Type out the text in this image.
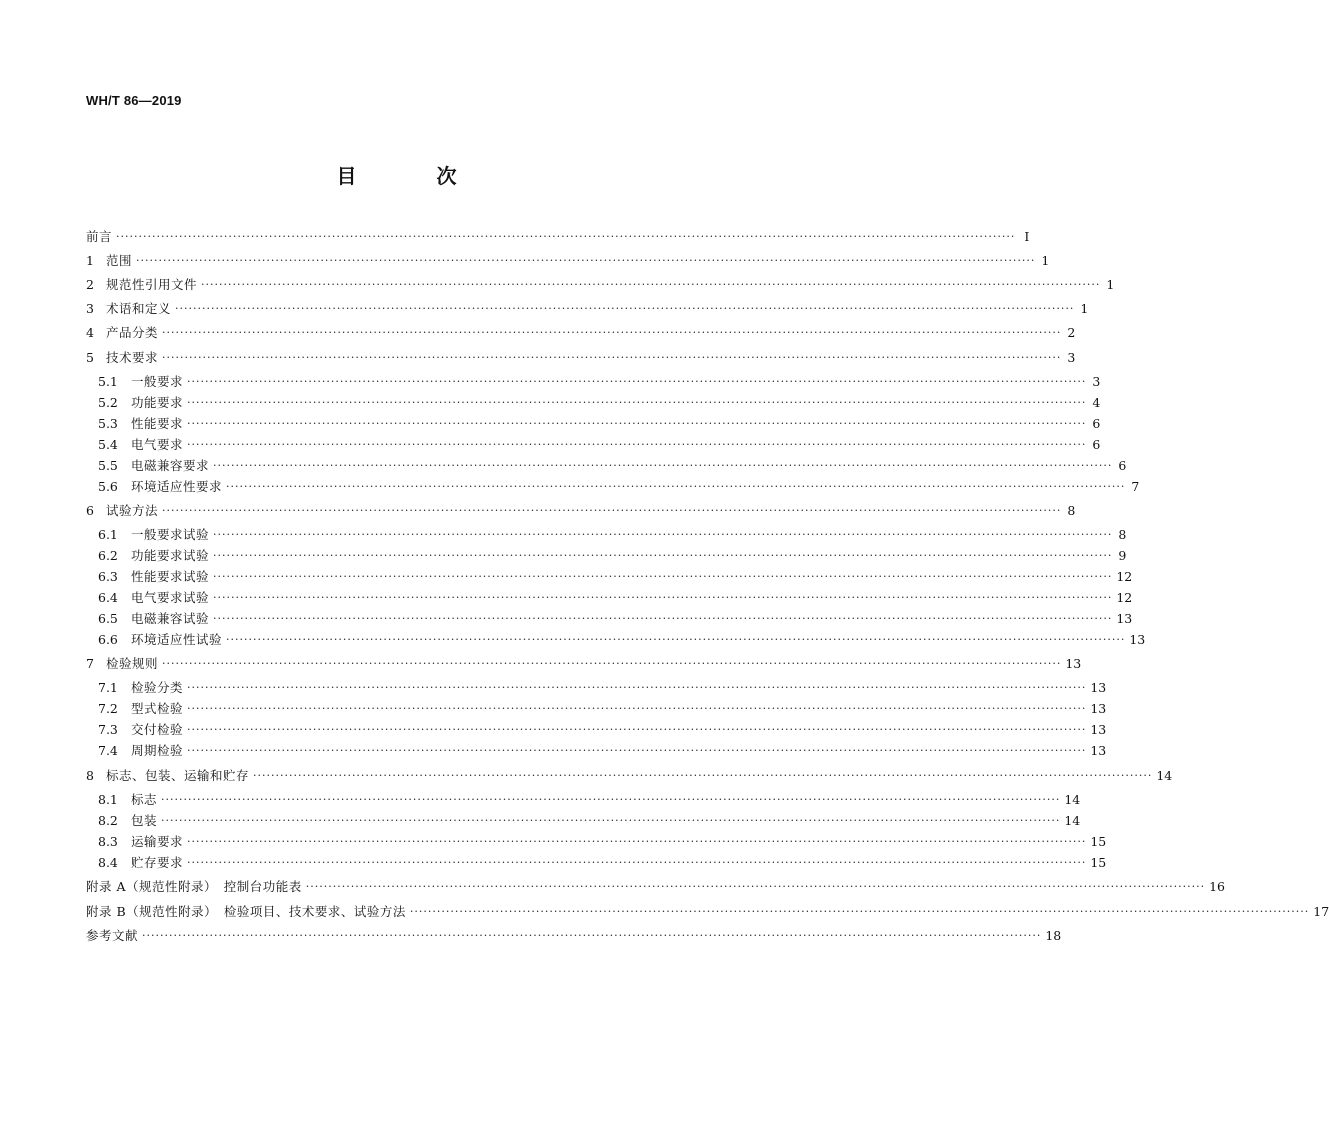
WH/T 86—2019
目　次
前言 ········································································································································································································ Ⅰ
1 范围 ········································································································································································································ 1
2 规范性引用文件 ········································································································································································································ 1
3 术语和定义 ········································································································································································································ 1
4 产品分类 ········································································································································································································ 2
5 技术要求 ········································································································································································································ 3
5.1	一般要求 ········································································································································································································ 3
5.2	功能要求 ········································································································································································································ 4
5.3	性能要求 ········································································································································································································ 6
5.4	电气要求 ········································································································································································································ 6
5.5	电磁兼容要求 ········································································································································································································ 6
5.6	环境适应性要求 ········································································································································································································ 7
6 试验方法 ········································································································································································································ 8
6.1	一般要求试验 ········································································································································································································ 8
6.2	功能要求试验 ········································································································································································································ 9
6.3	性能要求试验 ········································································································································································································ 12
6.4	电气要求试验 ········································································································································································································ 12
6.5	电磁兼容试验 ········································································································································································································ 13
6.6	环境适应性试验 ········································································································································································································ 13
7 检验规则 ········································································································································································································ 13
7.1	检验分类 ········································································································································································································ 13
7.2	型式检验 ········································································································································································································ 13
7.3	交付检验 ········································································································································································································ 13
7.4	周期检验 ········································································································································································································ 13
8 标志、包装、运输和贮存 ········································································································································································································ 14
8.1	标志 ········································································································································································································ 14
8.2	包装 ········································································································································································································ 14
8.3	运输要求 ········································································································································································································ 15
8.4	贮存要求 ········································································································································································································ 15
附录 A（规范性附录）　控制台功能表 ········································································································································································································ 16
附录 B（规范性附录）　检验项目、技术要求、试验方法 ········································································································································································································ 17
参考文献 ········································································································································································································ 18
